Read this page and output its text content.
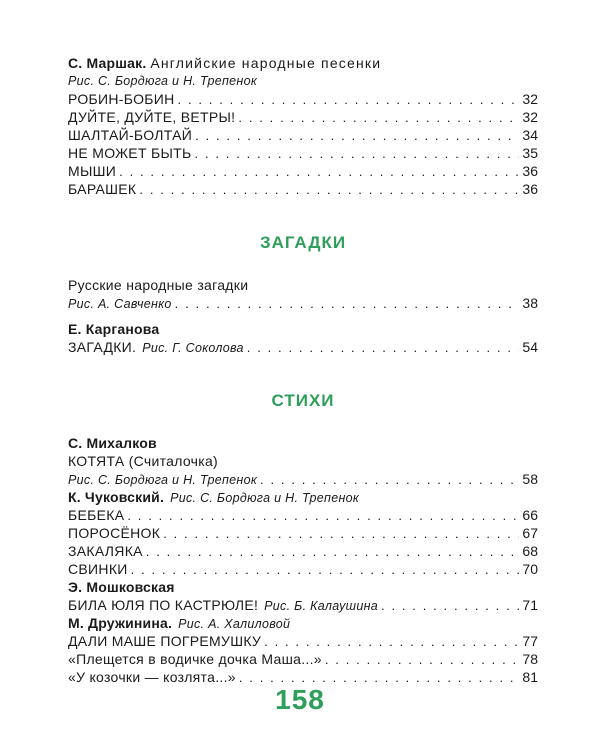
С. Маршак. Английские народные песенки
Рис. С. Бордюга и Н. Трепенок
РОБИН-БОБИН . . .	32
ДУЙТЕ, ДУЙТЕ, ВЕТРЫ! . . .	32
ШАЛТАЙ-БОЛТАЙ . . .	34
НЕ МОЖЕТ БЫТЬ . . .	35
МЫШИ . . .	36
БАРАШЕК . . .	36
ЗАГАДКИ
Русские народные загадки
Рис. А. Савченко . . .	38
Е. Карганова
ЗАГАДКИ. Рис. Г. Соколова . . .	54
СТИХИ
С. Михалков
КОТЯТА (Считалочка)
Рис. С. Бордюга и Н. Трепенок . . .	58
К. Чуковский. Рис. С. Бордюга и Н. Трепенок
БЕБЕКА . . .	66
ПОРОСЁНОК . . .	67
ЗАКАЛЯКА . . .	68
СВИНКИ . . .	70
Э. Мошковская
БИЛА ЮЛЯ ПО КАСТРЮЛЕ! Рис. Б. Калаушина . . .	71
М. Дружинина. Рис. А. Халиловой
ДАЛИ МАШЕ ПОГРЕМУШКУ . . .	77
«Плещется в водичке дочка Маша...» . . .	78
«У козочки — козлята...» . . .	81
158
